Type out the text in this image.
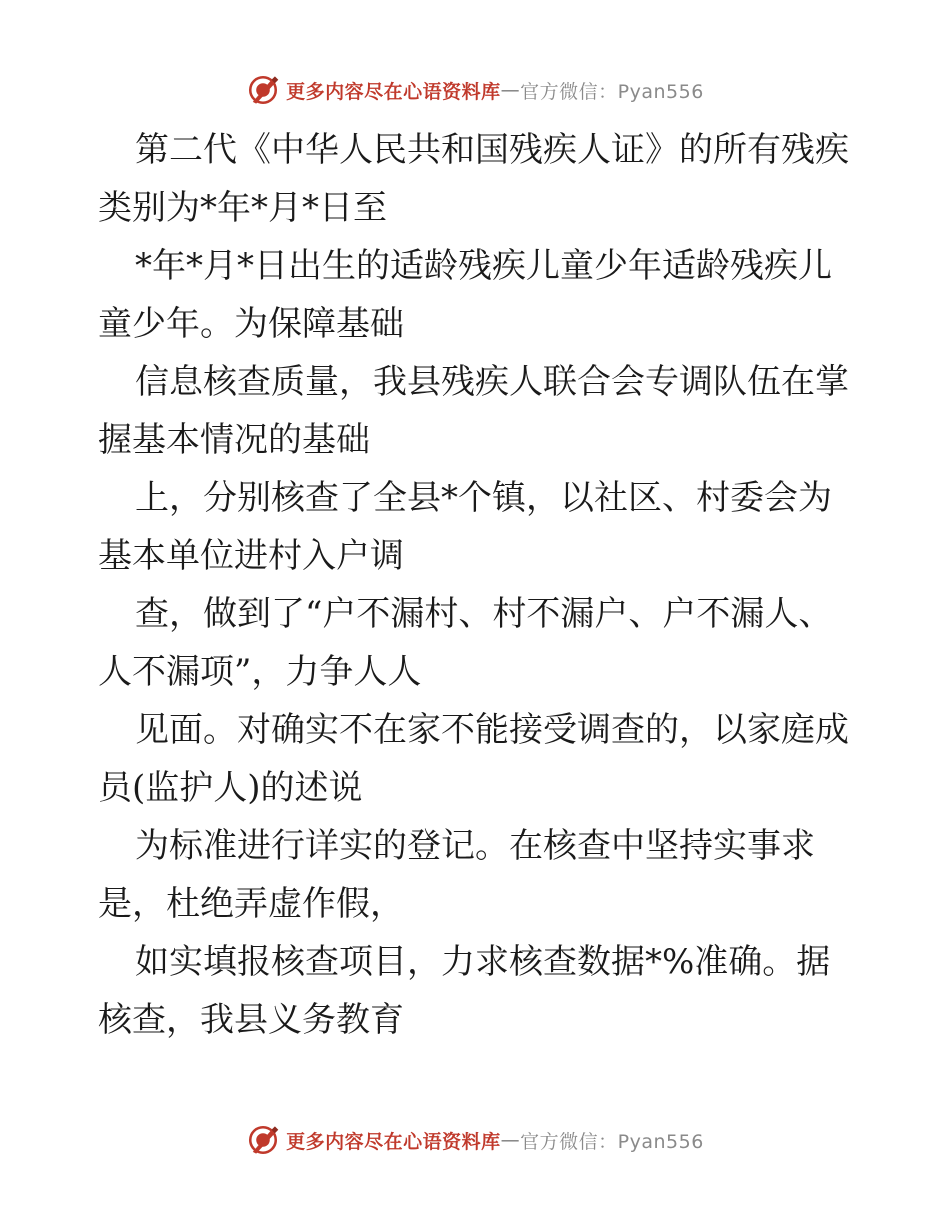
更多内容尽在心语资料库 — 官方微信：Pyan556

第二代《中华人民共和国残疾人证》的所有残疾类别为*年*月*日至

*年*月*日出生的适龄残疾儿童少年适龄残疾儿童少年。为保障基础

信息核查质量，我县残疾人联合会专调队伍在掌握基本情况的基础

上，分别核查了全县*个镇，以社区、村委会为基本单位进村入户调

查，做到了“户不漏村、村不漏户、户不漏人、人不漏项”，力争人人

见面。对确实不在家不能接受调查的，以家庭成员(监护人)的述说

为标准进行详实的登记。在核查中坚持实事求是，杜绝弄虚作假，

如实填报核查项目，力求核查数据*%准确。据核查，我县义务教育

更多内容尽在心语资料库 — 官方微信：Pyan556
